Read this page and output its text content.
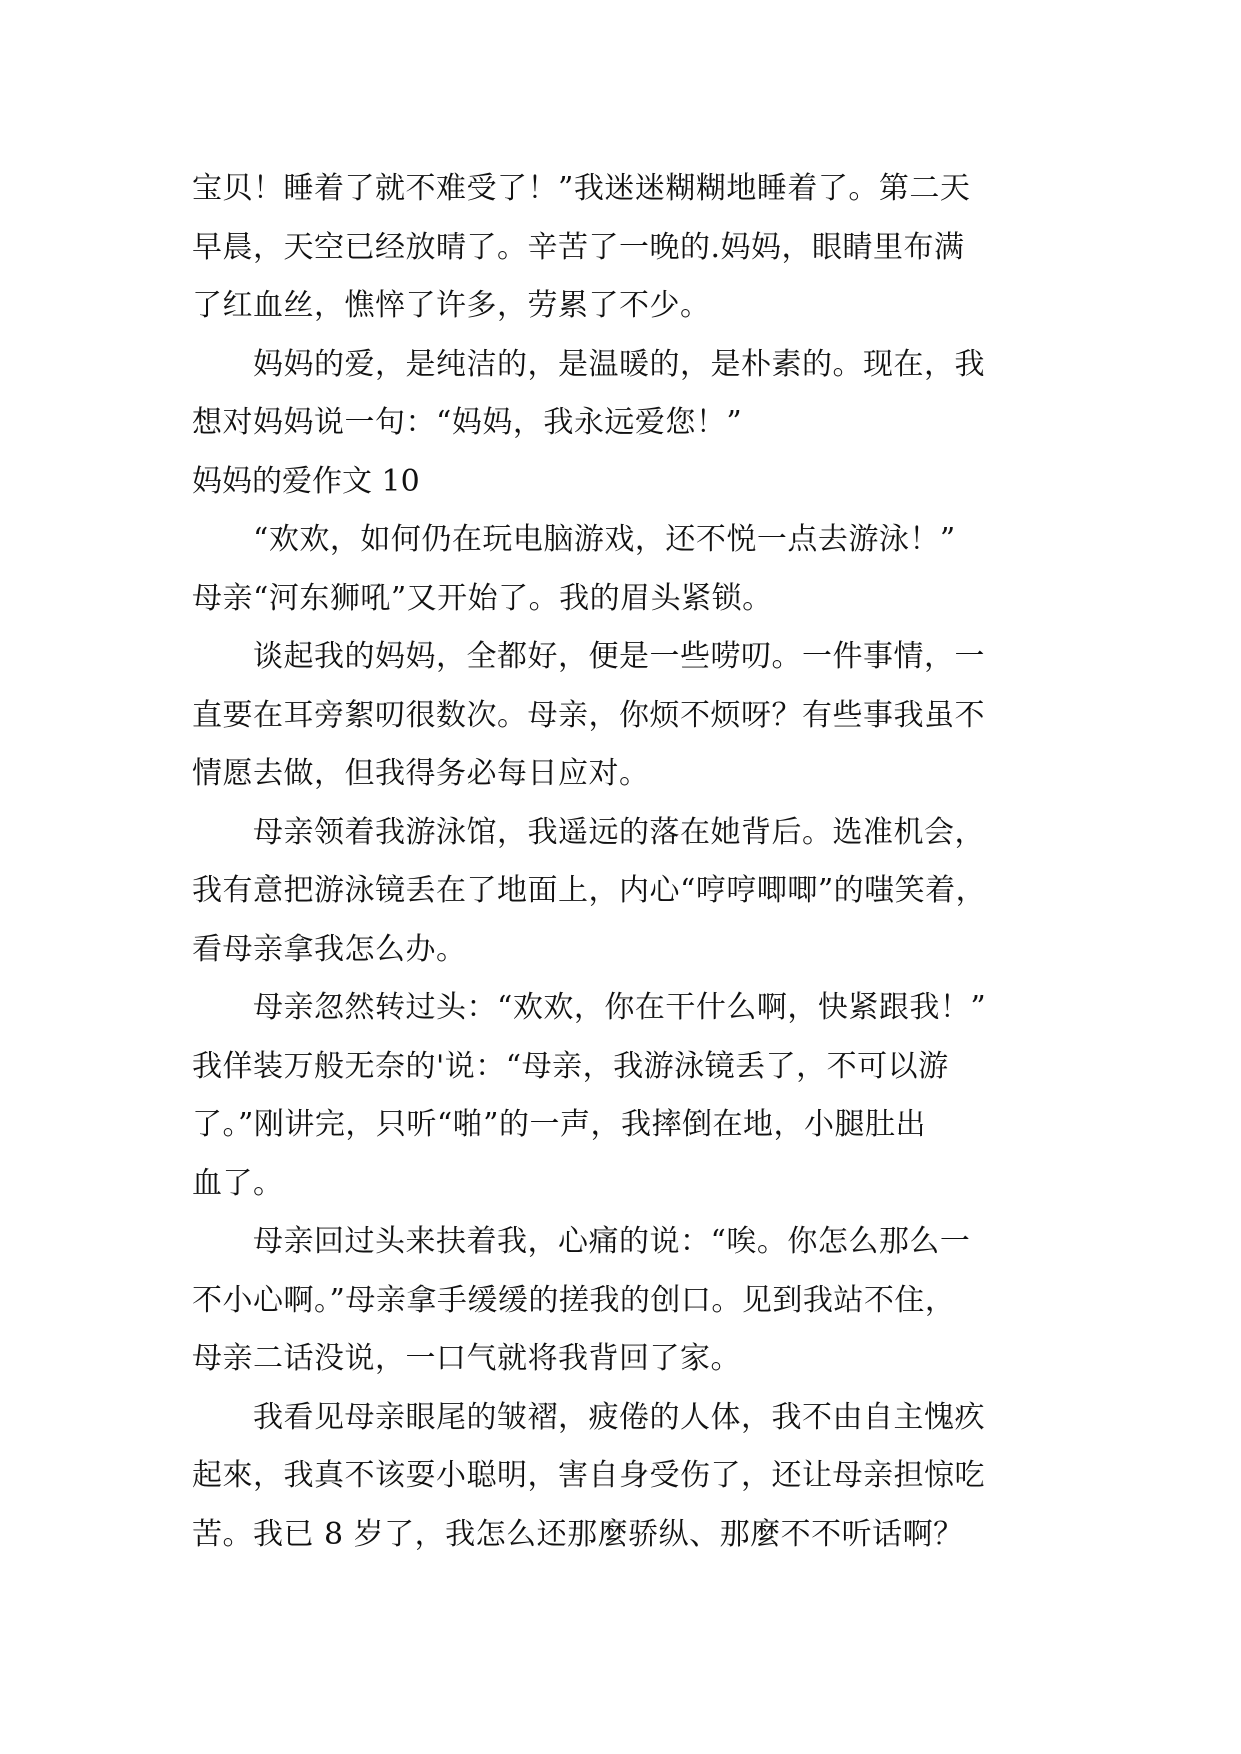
宝贝！睡着了就不难受了！”我迷迷糊糊地睡着了。第二天
早晨，天空已经放晴了。辛苦了一晚的.妈妈，眼睛里布满
了红血丝，憔悴了许多，劳累了不少。
　　妈妈的爱，是纯洁的，是温暖的，是朴素的。现在，我
想对妈妈说一句：“妈妈，我永远爱您！”
妈妈的爱作文 10
　　“欢欢，如何仍在玩电脑游戏，还不悦一点去游泳！”
母亲“河东狮吼”又开始了。我的眉头紧锁。
　　谈起我的妈妈，全都好，便是一些唠叨。一件事情，一
直要在耳旁絮叨很数次。母亲，你烦不烦呀？有些事我虽不
情愿去做，但我得务必每日应对。
　　母亲领着我游泳馆，我遥远的落在她背后。选准机会，
我有意把游泳镜丢在了地面上，内心“哼哼唧唧”的嗤笑着，
看母亲拿我怎么办。
　　母亲忽然转过头：“欢欢，你在干什么啊，快紧跟我！”
我佯装万般无奈的'说：“母亲，我游泳镜丢了，不可以游
了。”刚讲完，只听“啪”的一声，我摔倒在地，小腿肚出
血了。
　　母亲回过头来扶着我，心痛的说：“唉。你怎么那么一
不小心啊。”母亲拿手缓缓的搓我的创口。见到我站不住，
母亲二话没说，一口气就将我背回了家。
　　我看见母亲眼尾的皱褶，疲倦的人体，我不由自主愧疚
起來，我真不该耍小聪明，害自身受伤了，还让母亲担惊吃
苦。我已 8 岁了，我怎么还那麼骄纵、那麼不不听话啊？
